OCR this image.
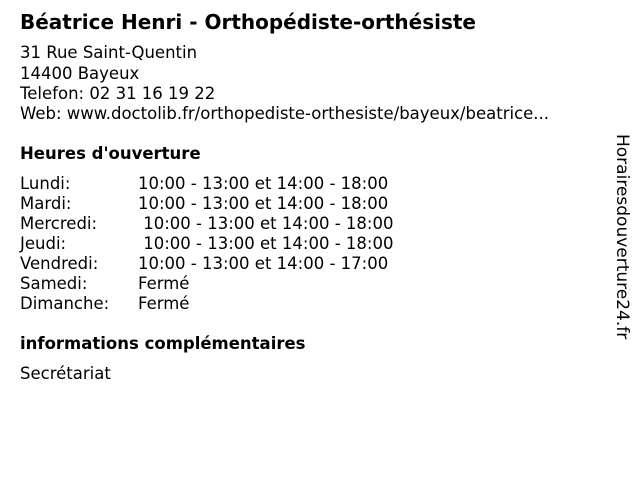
Béatrice Henri - Orthopédiste-orthésiste
31 Rue Saint-Quentin
14400 Bayeux
Telefon: 02 31 16 19 22
Web: www.doctolib.fr/orthopediste-orthesiste/bayeux/beatrice...
Heures d'ouverture
Lundi:	10:00 - 13:00 et 14:00 - 18:00
Mardi:	10:00 - 13:00 et 14:00 - 18:00
Mercredi: 10:00 - 13:00 et 14:00 - 18:00
Jeudi:	10:00 - 13:00 et 14:00 - 18:00
Vendredi: 10:00 - 13:00 et 14:00 - 17:00
Samedi:	Fermé
Dimanche: Fermé
informations complémentaires
Secrétariat
Horairesdouverture24.fr
